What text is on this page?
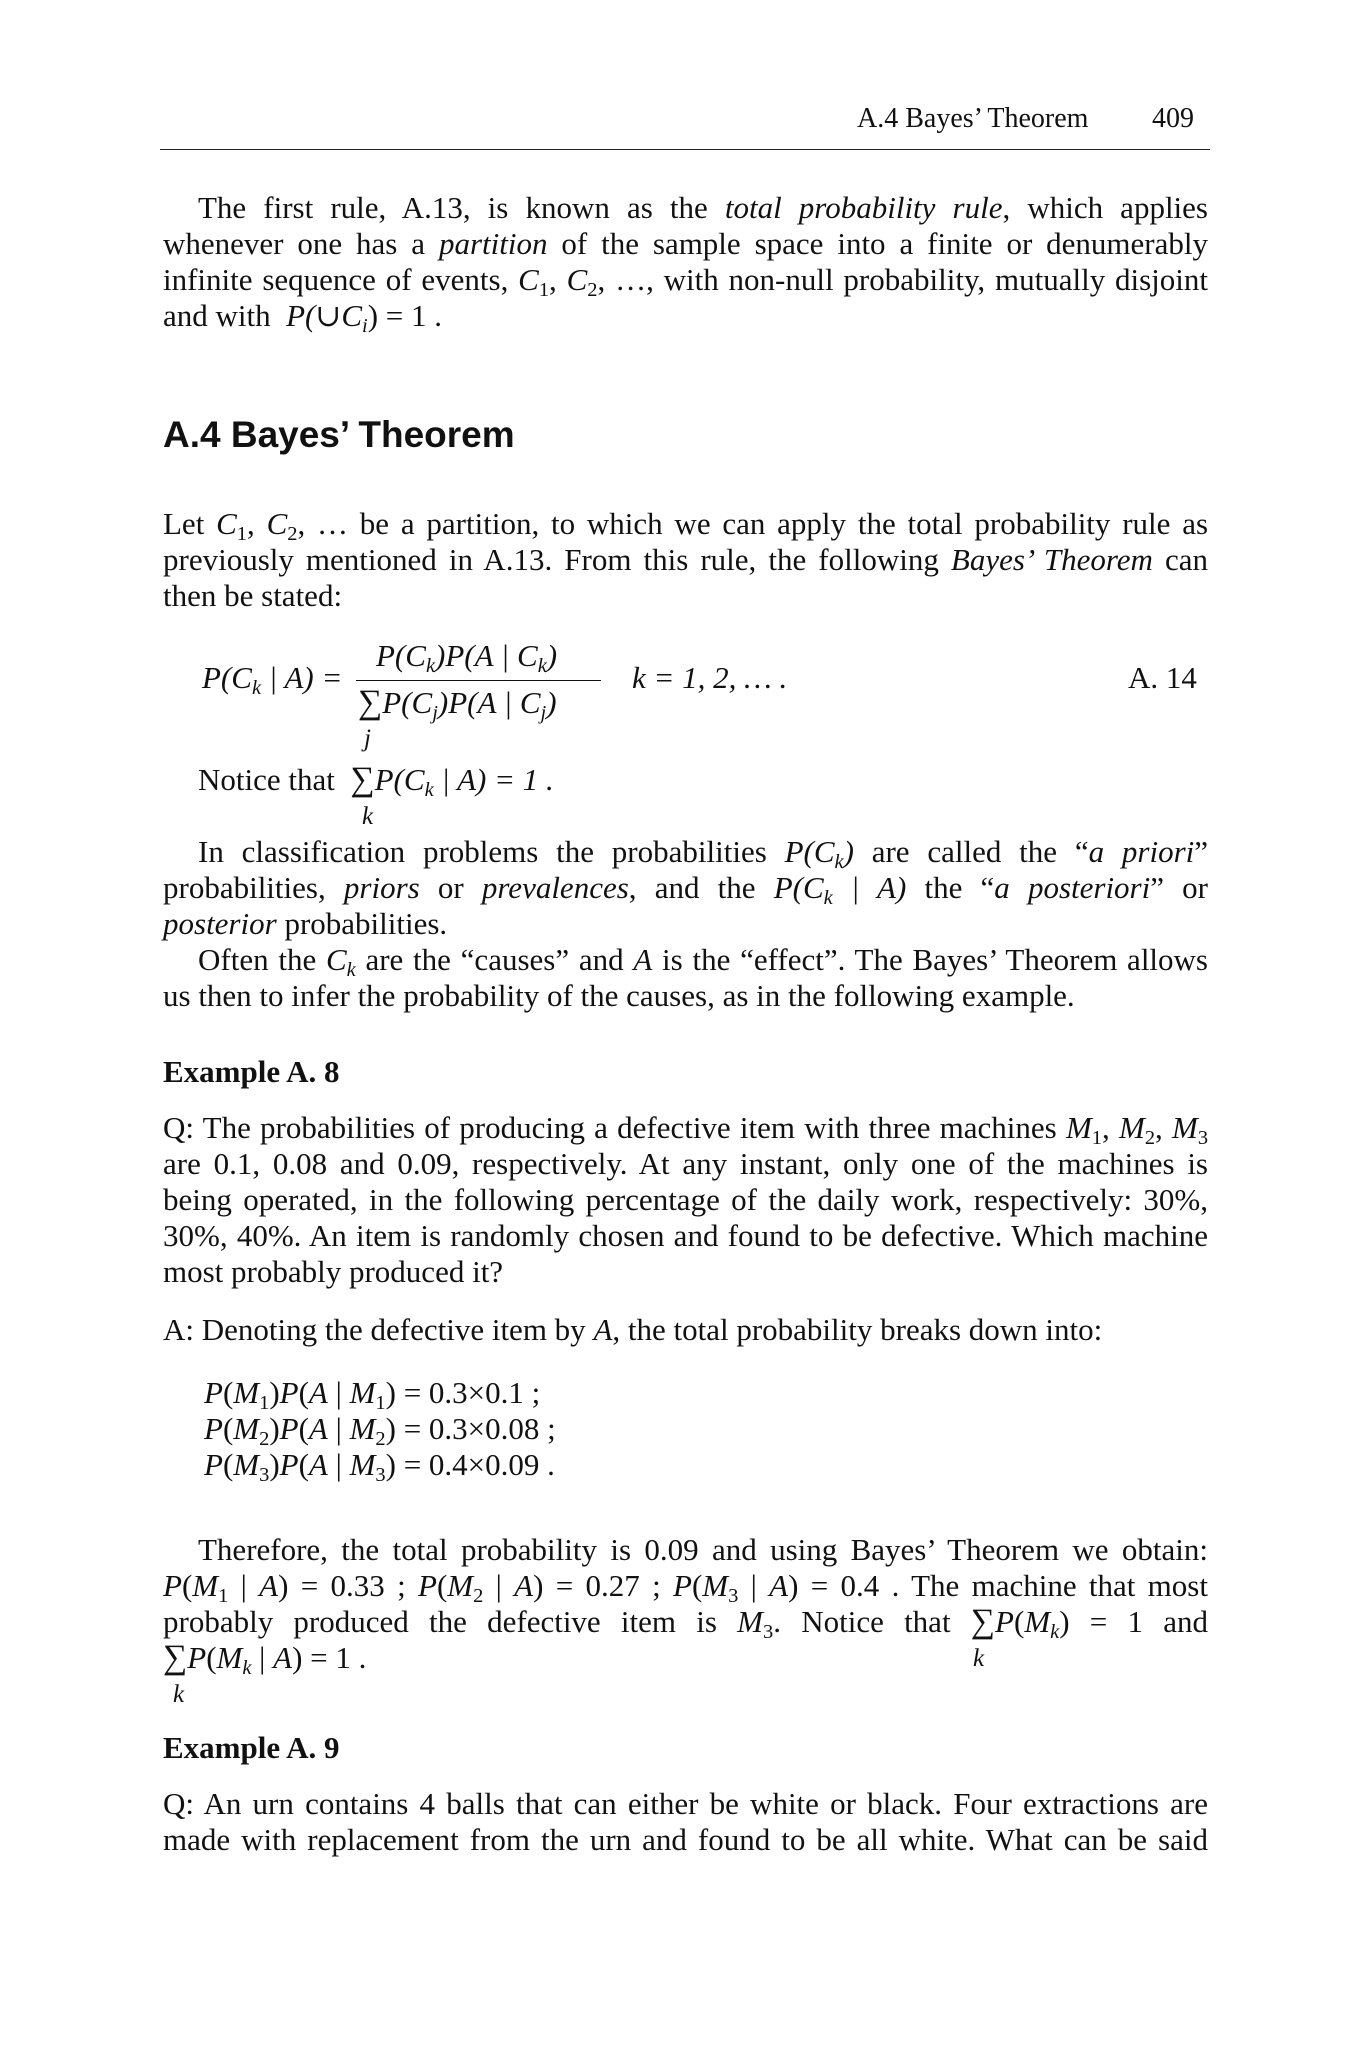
A.4 Bayes’ Theorem 409
The first rule, A.13, is known as the total probability rule, which applies
whenever one has a partition of the sample space into a finite or denumerably
infinite sequence of events, $C_1$, $C_2$, …, with non-null probability, mutually disjoint
and with $P(\cup C_i) = 1$ .
A.4 Bayes’ Theorem
Let $C_1$, $C_2$, … be a partition, to which we can apply the total probability rule as
previously mentioned in A.13. From this rule, the following Bayes’ Theorem can
then be stated:
$P(C_k$ | A) =
$P(C_k)P(A$ | $C_k$)
$\sum P(C_j)P(A$ | $C_j$)
j
k = 1, 2, … .	A. 14
Notice that $\sum P(C_k$ | A) = 1 .
k
In classification problems the probabilities $P(C_k)$ are called the “a priori”
probabilities, priors or prevalences, and the $P(C_k$ | A) the “a posteriori” or
posterior probabilities.
Often the $C_k$ are the “causes” and A is the “effect”. The Bayes’ Theorem allows
us then to infer the probability of the causes, as in the following example.
Example A. 8
Q: The probabilities of producing a defective item with three machines $M_1$, $M_2$, $M_3$
are 0.1, 0.08 and 0.09, respectively. At any instant, only one of the machines is
being operated, in the following percentage of the daily work, respectively: 30%,
30%, 40%. An item is randomly chosen and found to be defective. Which machine
most probably produced it?
A: Denoting the defective item by A, the total probability breaks down into:
$P(M_1)P(A$ | $M_1) = 0.3\times 0.1$ ;
$P(M_2)P(A$ | $M_2) = 0.3\times 0.08$ ;
$P(M_3)P(A$ | $M_3) = 0.4\times 0.09$ .
Therefore, the total probability is 0.09 and using Bayes’ Theorem we obtain:
$P(M_1$ | A) = 0.33 ; $P(M_2$ | A) = 0.27 ; $P(M_3$ | A) = 0.4 . The machine that most
probably produced the defective item is $M_3$. Notice that $\sum P(M_k) = 1$ and
k
$\sum P(M_k$ | A) = 1 .
k
Example A. 9
Q: An urn contains 4 balls that can either be white or black. Four extractions are
made with replacement from the urn and found to be all white. What can be said
